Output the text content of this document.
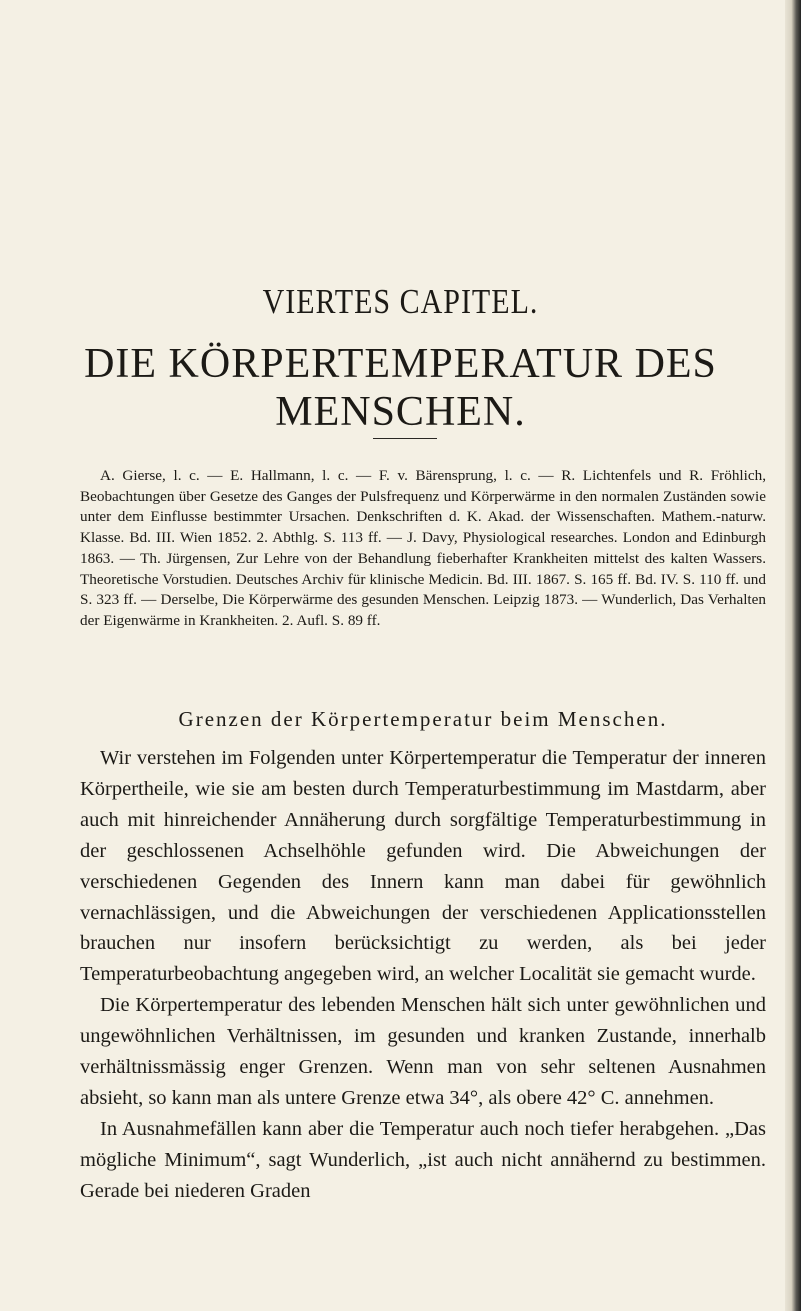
VIERTES CAPITEL.
DIE KÖRPERTEMPERATUR DES
MENSCHEN.

A. Gierse, l. c. — E. Hallmann, l. c. — F. v. Bärensprung, l. c. — R. Lichtenfels und R. Fröhlich, Beobachtungen über Gesetze des Ganges der Pulsfrequenz und Körperwärme in den normalen Zuständen sowie unter dem Einflusse bestimmter Ursachen. Denkschriften d. K. Akad. der Wissenschaften. Mathem.-naturw. Klasse. Bd. III. Wien 1852. 2. Abthlg. S. 113 ff. — J. Davy, Physiological researches. London and Edinburgh 1863. — Th. Jürgensen, Zur Lehre von der Behandlung fieberhafter Krankheiten mittelst des kalten Wassers. Theoretische Vorstudien. Deutsches Archiv für klinische Medicin. Bd. III. 1867. S. 165 ff. Bd. IV. S. 110 ff. und S. 323 ff. — Derselbe, Die Körperwärme des gesunden Menschen. Leipzig 1873. — Wunderlich, Das Verhalten der Eigenwärme in Krankheiten. 2. Aufl. S. 89 ff.

Grenzen der Körpertemperatur beim Menschen.

Wir verstehen im Folgenden unter Körpertemperatur die Temperatur der inneren Körpertheile, wie sie am besten durch Temperaturbestimmung im Mastdarm, aber auch mit hinreichender Annäherung durch sorgfältige Temperaturbestimmung in der geschlossenen Achselhöhle gefunden wird. Die Abweichungen der verschiedenen Gegenden des Innern kann man dabei für gewöhnlich vernachlässigen, und die Abweichungen der verschiedenen Applicationsstellen brauchen nur insofern berücksichtigt zu werden, als bei jeder Temperaturbeobachtung angegeben wird, an welcher Localität sie gemacht wurde.

Die Körpertemperatur des lebenden Menschen hält sich unter gewöhnlichen und ungewöhnlichen Verhältnissen, im gesunden und kranken Zustande, innerhalb verhältnissmässig enger Grenzen. Wenn man von sehr seltenen Ausnahmen absieht, so kann man als untere Grenze etwa 34°, als obere 42° C. annehmen.

In Ausnahmefällen kann aber die Temperatur auch noch tiefer herabgehen. „Das mögliche Minimum“, sagt Wunderlich, „ist auch nicht annähernd zu bestimmen. Gerade bei niederen Graden
